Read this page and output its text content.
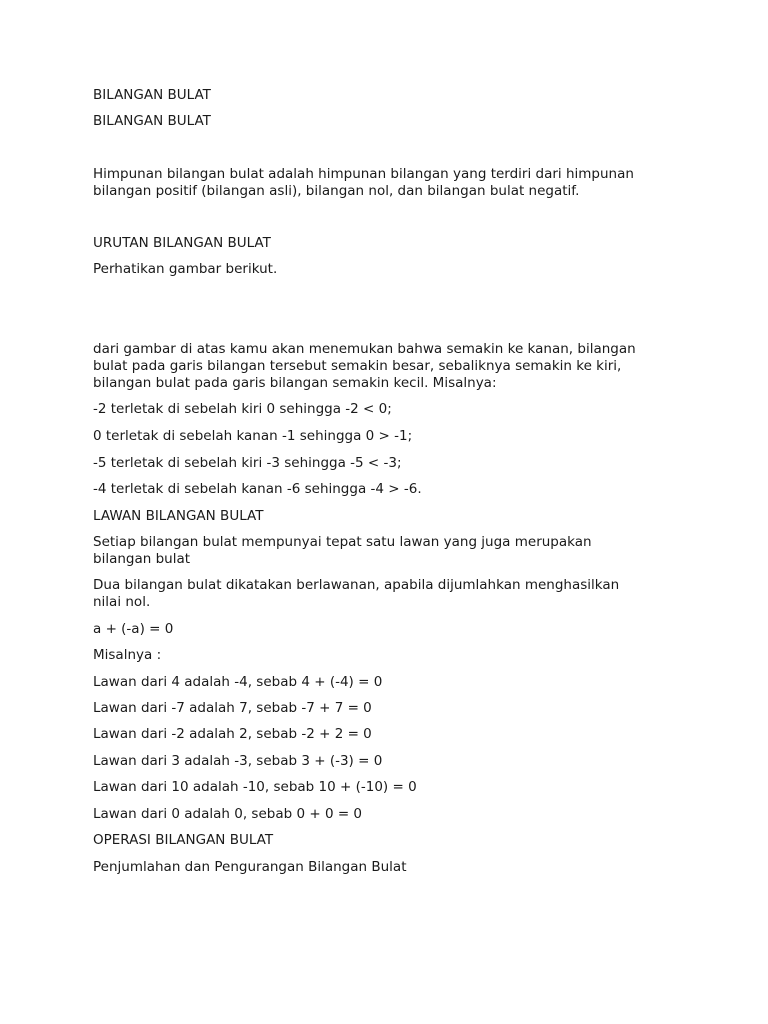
BILANGAN BULAT
BILANGAN BULAT
Himpunan bilangan bulat adalah himpunan bilangan yang terdiri dari himpunan
bilangan positif (bilangan asli), bilangan nol, dan bilangan bulat negatif.
URUTAN BILANGAN BULAT
Perhatikan gambar berikut.
dari gambar di atas kamu akan menemukan bahwa semakin ke kanan, bilangan
bulat pada garis bilangan tersebut semakin besar, sebaliknya semakin ke kiri,
bilangan bulat pada garis bilangan semakin kecil. Misalnya:
-2 terletak di sebelah kiri 0 sehingga -2 < 0;
0 terletak di sebelah kanan -1 sehingga 0 > -1;
-5 terletak di sebelah kiri -3 sehingga -5 < -3;
-4 terletak di sebelah kanan -6 sehingga -4 > -6.
LAWAN BILANGAN BULAT
Setiap bilangan bulat mempunyai tepat satu lawan yang juga merupakan
bilangan bulat
Dua bilangan bulat dikatakan berlawanan, apabila dijumlahkan menghasilkan
nilai nol.
a + (-a) = 0
Misalnya :
Lawan dari 4 adalah -4, sebab 4 + (-4) = 0
Lawan dari -7 adalah 7, sebab -7 + 7 = 0
Lawan dari -2 adalah 2, sebab -2 + 2 = 0
Lawan dari 3 adalah -3, sebab 3 + (-3) = 0
Lawan dari 10 adalah -10, sebab 10 + (-10) = 0
Lawan dari 0 adalah 0, sebab 0 + 0 = 0
OPERASI BILANGAN BULAT
Penjumlahan dan Pengurangan Bilangan Bulat
